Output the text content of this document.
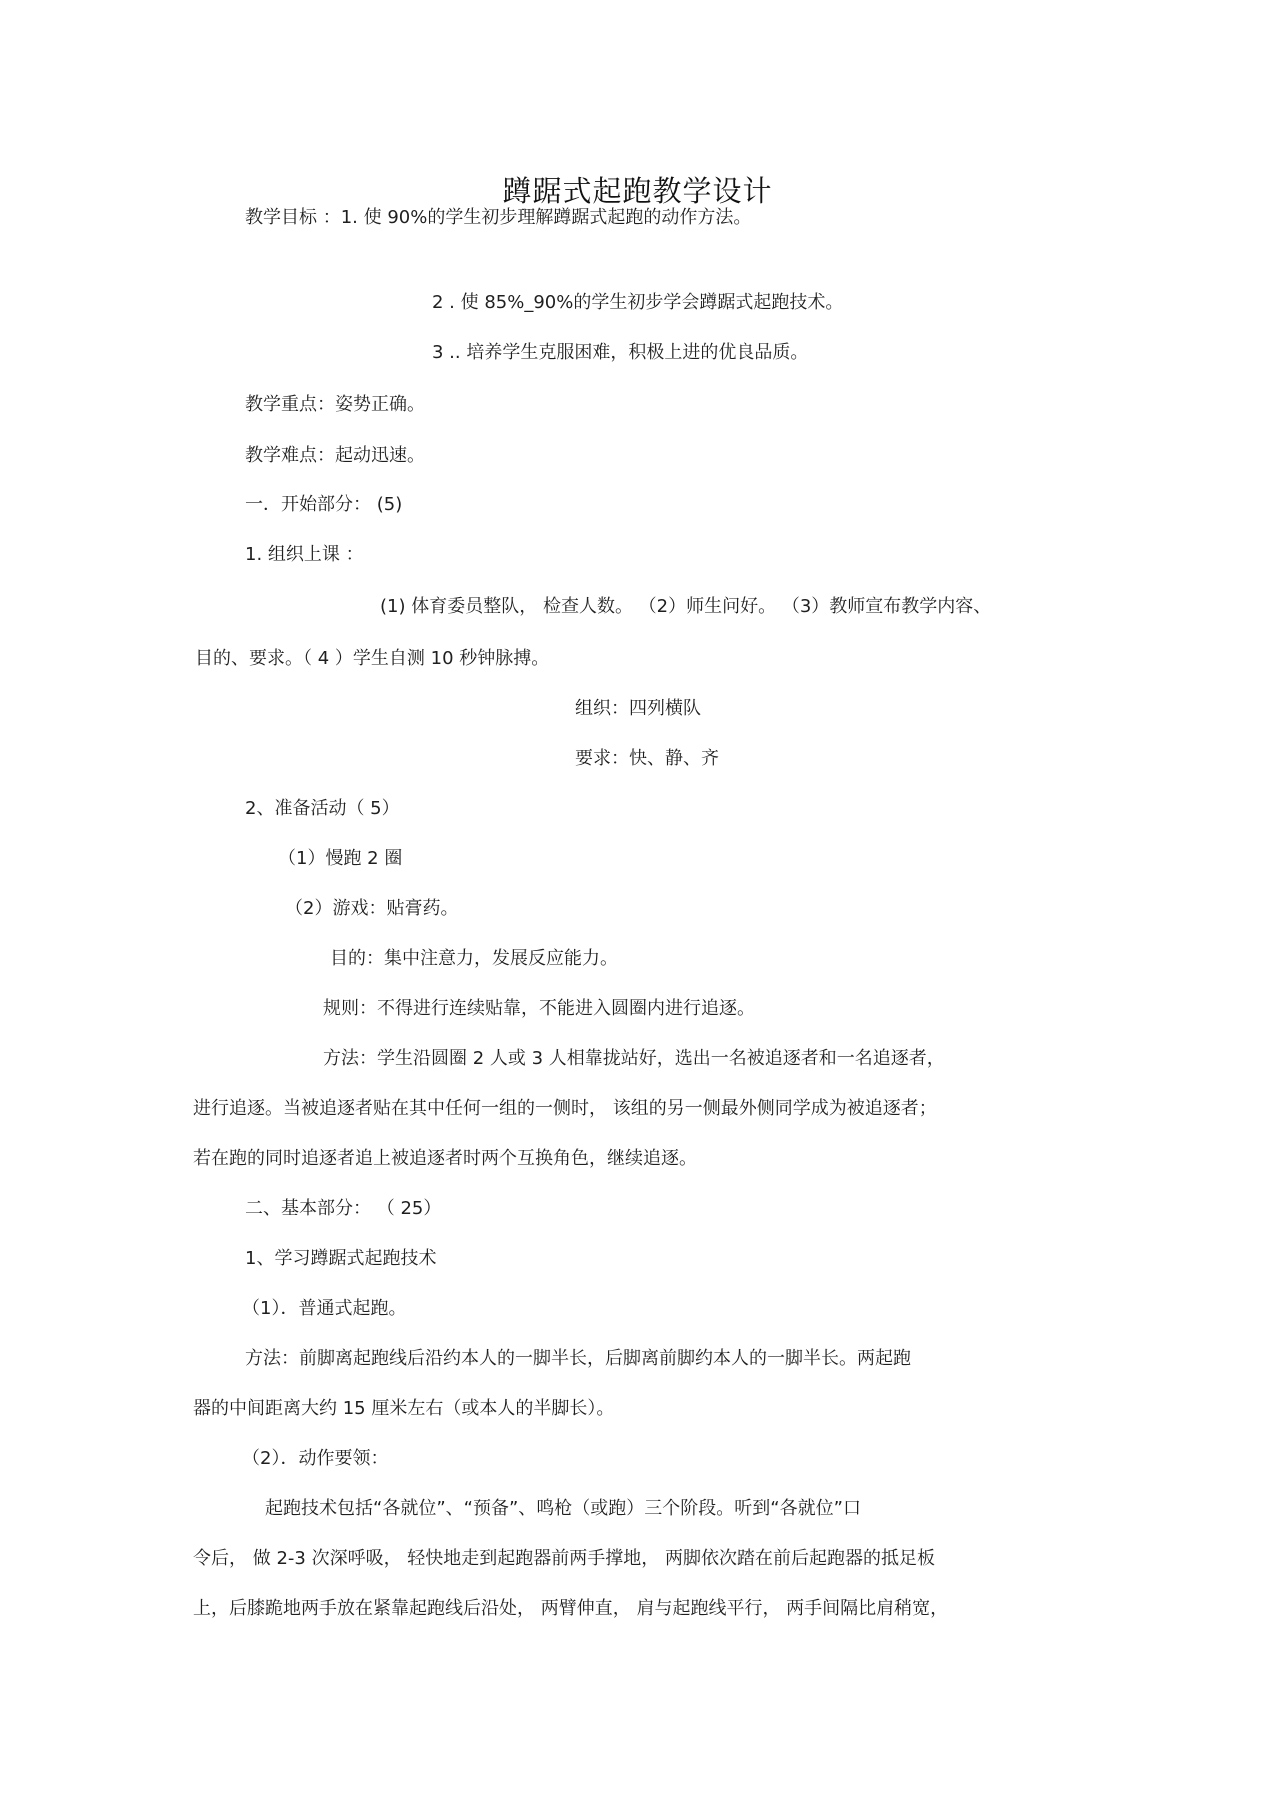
蹲踞式起跑教学设计
教学目标 ：1. 使 90%的学生初步理解蹲踞式起跑的动作方法。
2 . 使 85%_90%的学生初步学会蹲踞式起跑技术。
3 .. 培养学生克服困难，积极上进的优良品质。
教学重点：姿势正确。
教学难点：起动迅速。
一．开始部分： (5)
1. 组织上课 ：
(1) 体育委员整队， 检查人数。 （2）师生问好。 （3）教师宣布教学内容、
目的、要求。（ 4 ）学生自测 10 秒钟脉搏。
组织：四列横队
要求：快、静、齐
2、准备活动（ 5）
（1）慢跑 2 圈
（2）游戏：贴膏药。
目的：集中注意力，发展反应能力。
规则：不得进行连续贴靠，不能进入圆圈内进行追逐。
方法：学生沿圆圈 2 人或 3 人相靠拢站好，选出一名被追逐者和一名追逐者，
进行追逐。当被追逐者贴在其中任何一组的一侧时， 该组的另一侧最外侧同学成为被追逐者；
若在跑的同时追逐者追上被追逐者时两个互换角色，继续追逐。
二、基本部分： （ 25）
1、学习蹲踞式起跑技术
（1）．普通式起跑。
方法：前脚离起跑线后沿约本人的一脚半长，后脚离前脚约本人的一脚半长。两起跑
器的中间距离大约 15 厘米左右（或本人的半脚长）。
（2）．动作要领：
起跑技术包括“各就位”、“预备”、鸣枪（或跑）三个阶段。听到“各就位”口
令后， 做 2-3 次深呼吸， 轻快地走到起跑器前两手撑地， 两脚依次踏在前后起跑器的抵足板
上，后膝跪地两手放在紧靠起跑线后沿处， 两臂伸直， 肩与起跑线平行， 两手间隔比肩稍宽，
